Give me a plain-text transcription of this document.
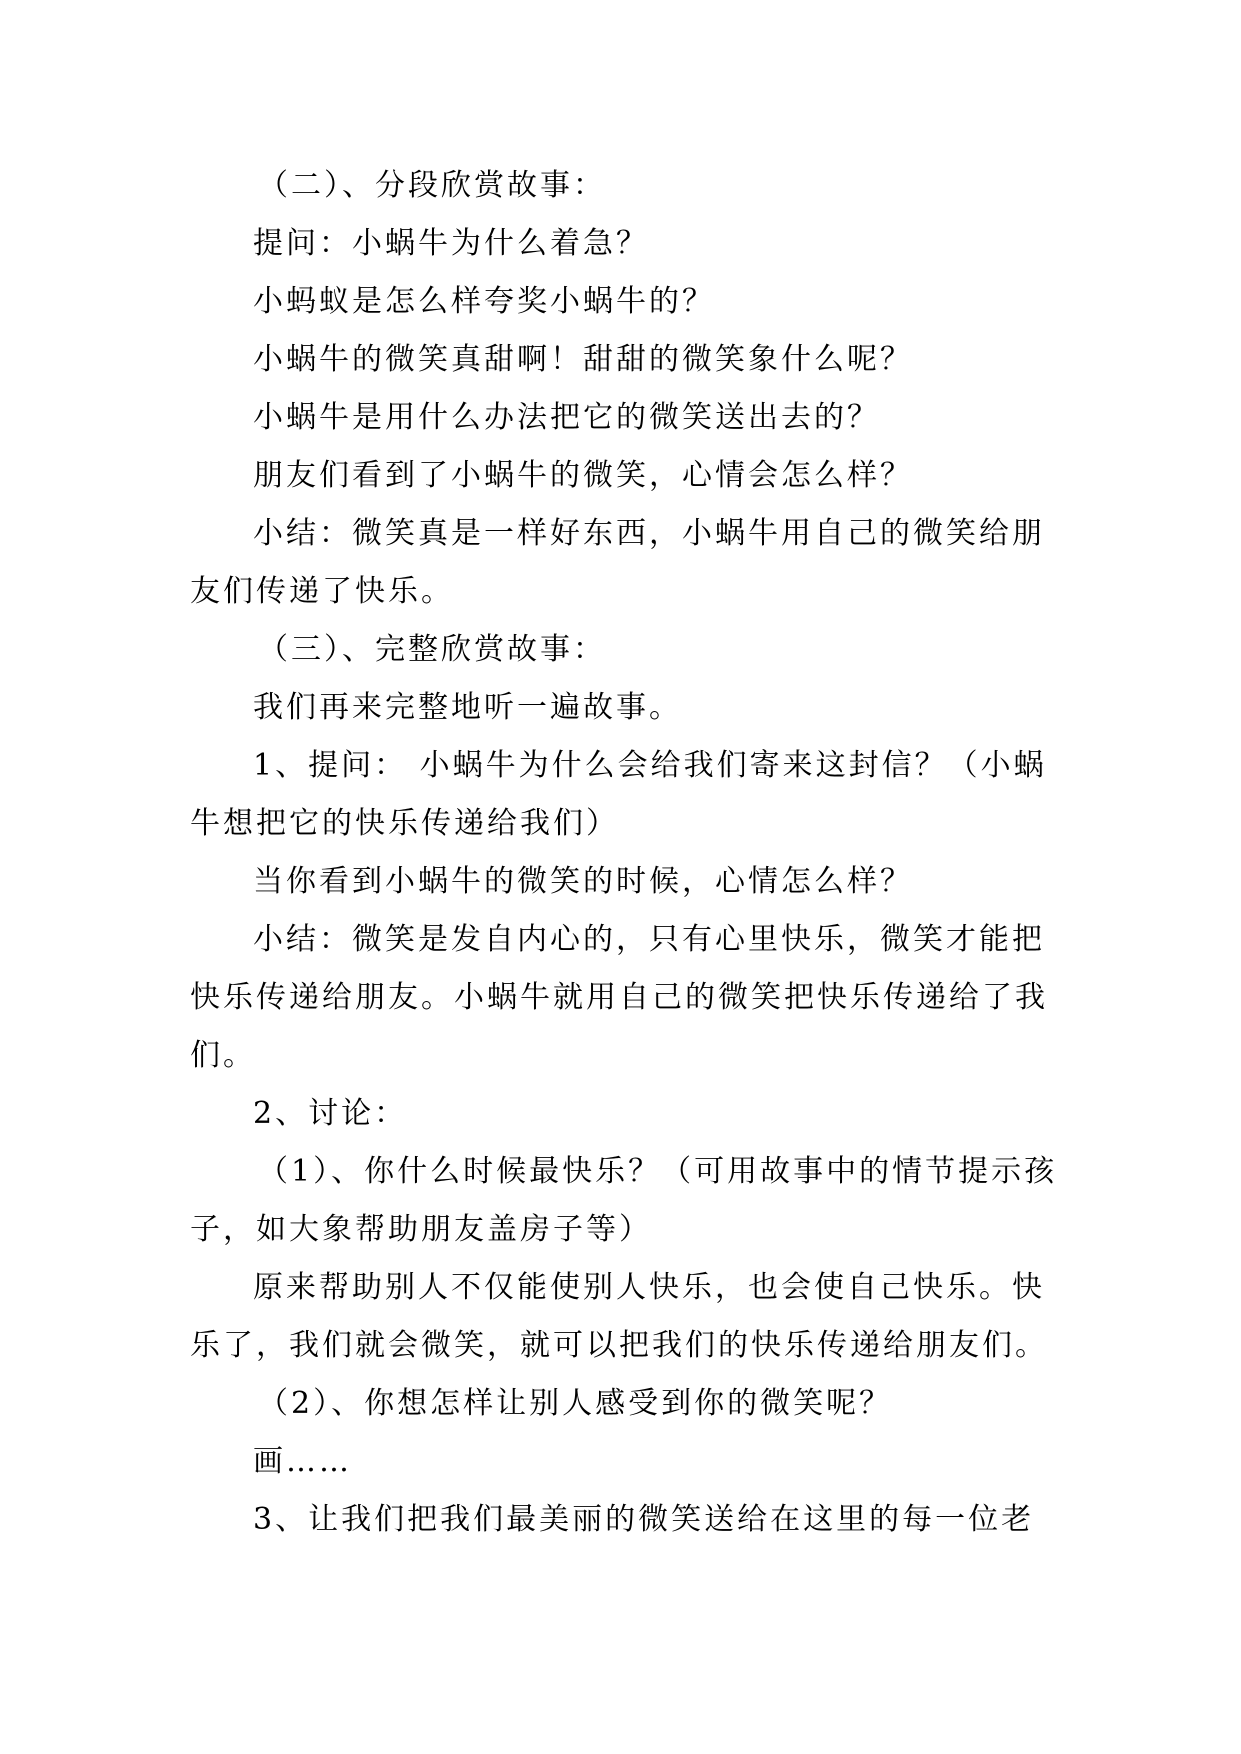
（二）、分段欣赏故事：
提问：小蜗牛为什么着急？
小蚂蚁是怎么样夸奖小蜗牛的？
小蜗牛的微笑真甜啊！甜甜的微笑象什么呢？
小蜗牛是用什么办法把它的微笑送出去的？
朋友们看到了小蜗牛的微笑，心情会怎么样？
小结：微笑真是一样好东西，小蜗牛用自己的微笑给朋
友们传递了快乐。
（三）、完整欣赏故事：
我们再来完整地听一遍故事。
1、提问： 小蜗牛为什么会给我们寄来这封信？（小蜗
牛想把它的快乐传递给我们）
当你看到小蜗牛的微笑的时候，心情怎么样？
小结：微笑是发自内心的，只有心里快乐，微笑才能把
快乐传递给朋友。小蜗牛就用自己的微笑把快乐传递给了我
们。
2、讨论：
（1）、你什么时候最快乐？（可用故事中的情节提示孩
子，如大象帮助朋友盖房子等）
原来帮助别人不仅能使别人快乐，也会使自己快乐。快
乐了，我们就会微笑，就可以把我们的快乐传递给朋友们。
（2）、你想怎样让别人感受到你的微笑呢？
画……
3、让我们把我们最美丽的微笑送给在这里的每一位老
